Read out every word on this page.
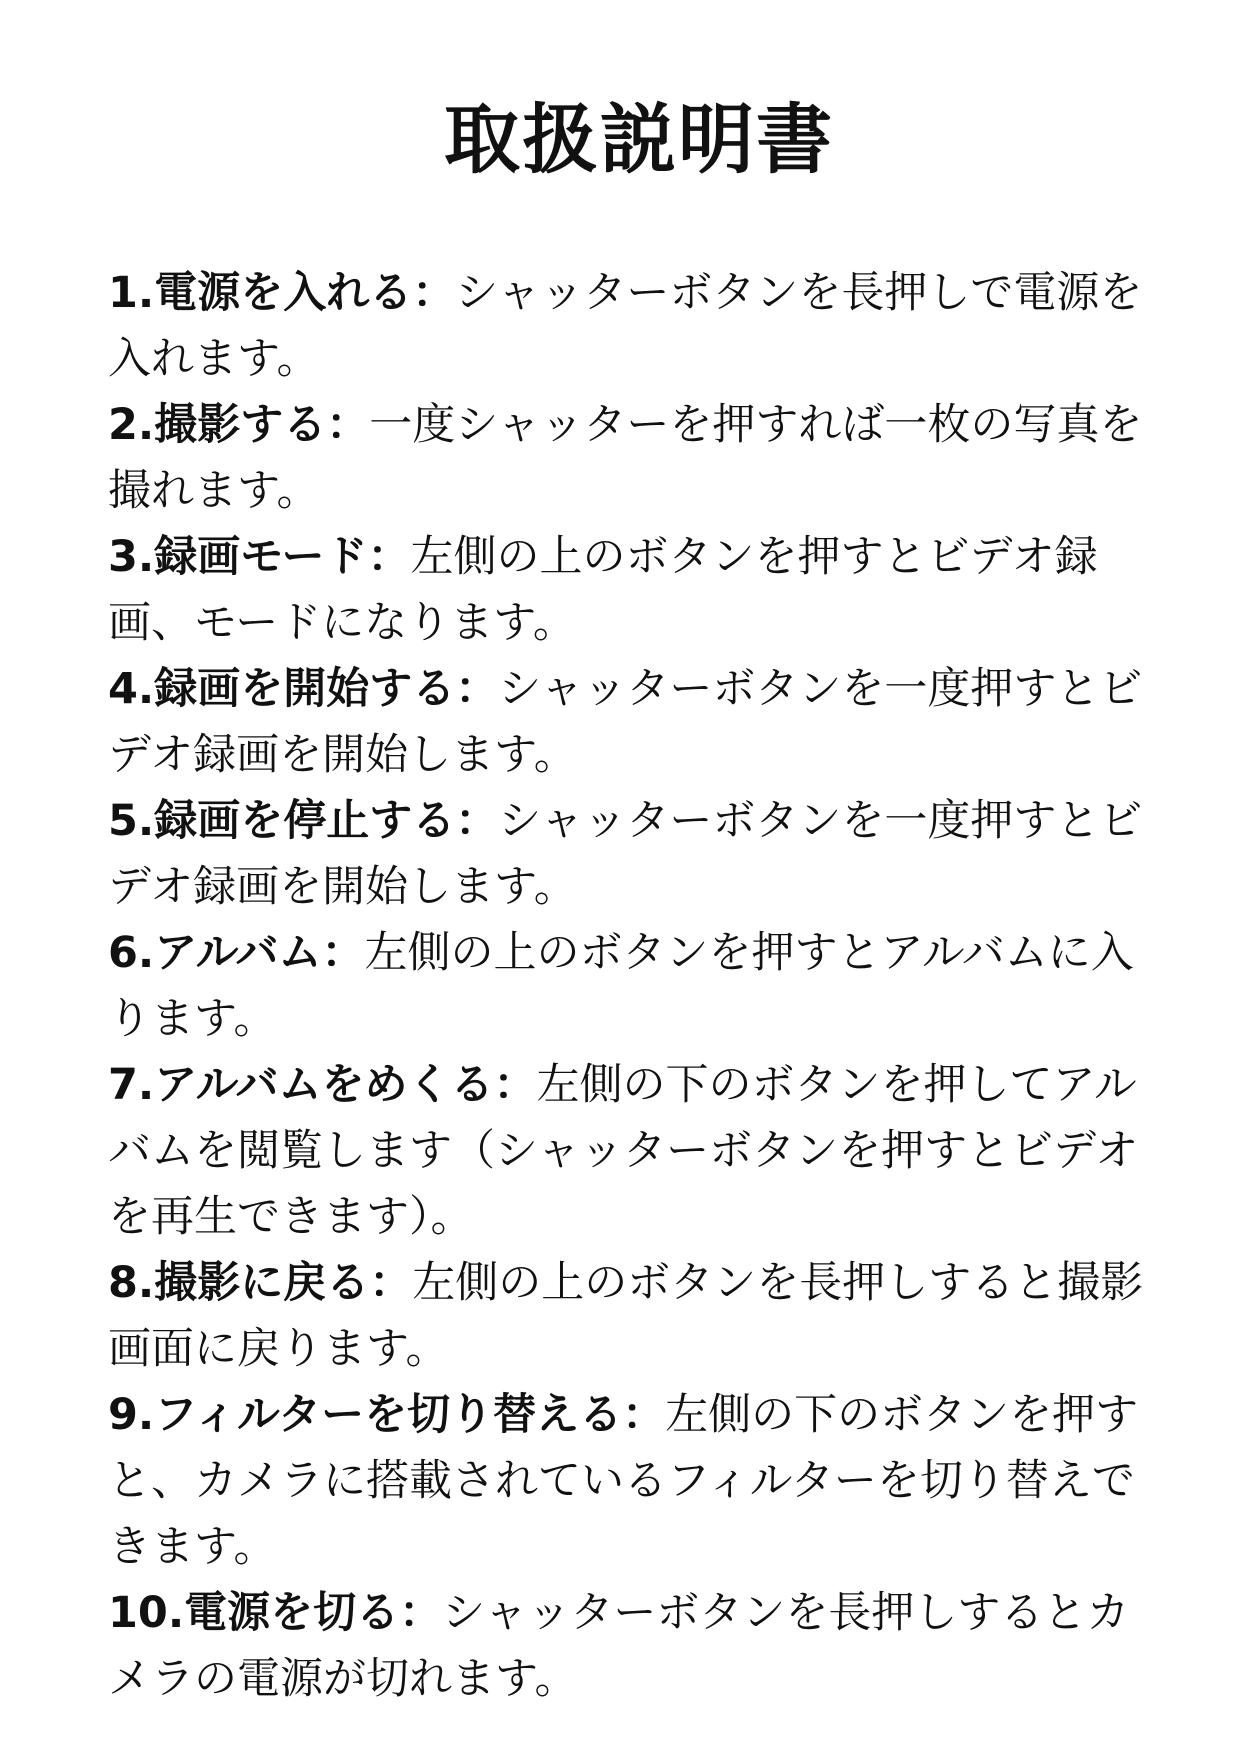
取扱説明書

1.電源を入れる：シャッターボタンを長押しで電源を入れます。

2.撮影する：一度シャッターを押すれば一枚の写真を撮れます。

3.録画モード：左側の上のボタンを押すとビデオ録画、モードになります。

4.録画を開始する：シャッターボタンを一度押すとビデオ録画を開始します。

5.録画を停止する：シャッターボタンを一度押すとビデオ録画を開始します。

6.アルバム：左側の上のボタンを押すとアルバムに入ります。

7.アルバムをめくる：左側の下のボタンを押してアルバムを閲覧します（シャッターボタンを押すとビデオを再生できます）。

8.撮影に戻る：左側の上のボタンを長押しすると撮影画面に戻ります。

9.フィルターを切り替える：左側の下のボタンを押すと、カメラに搭載されているフィルターを切り替えできます。

10.電源を切る：シャッターボタンを長押しするとカメラの電源が切れます。
